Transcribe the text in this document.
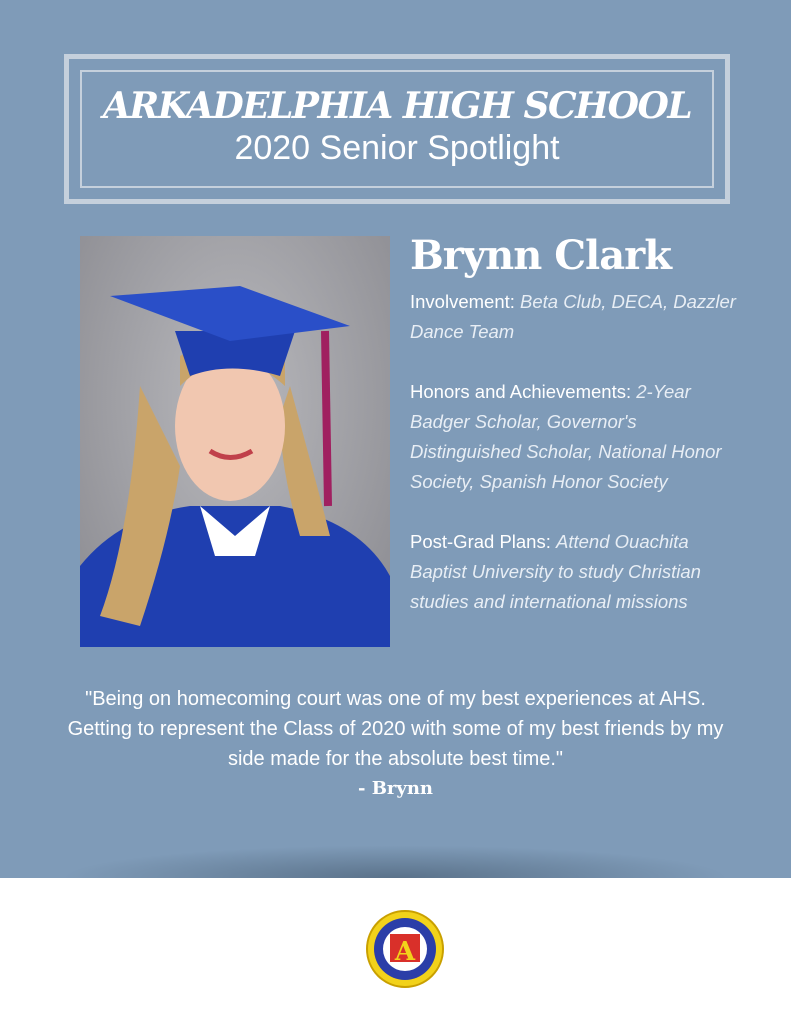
ARKADELPHIA HIGH SCHOOL
2020 Senior Spotlight
Brynn Clark

Involvement: Beta Club, DECA, Dazzler Dance Team

Honors and Achievements: 2-Year Badger Scholar, Governor's Distinguished Scholar, National Honor Society, Spanish Honor Society

Post-Grad Plans: Attend Ouachita Baptist University to study Christian studies and international missions

"Being on homecoming court was one of my best experiences at AHS. Getting to represent the Class of 2020 with some of my best friends by my side made for the absolute best time."
- Brynn
A
